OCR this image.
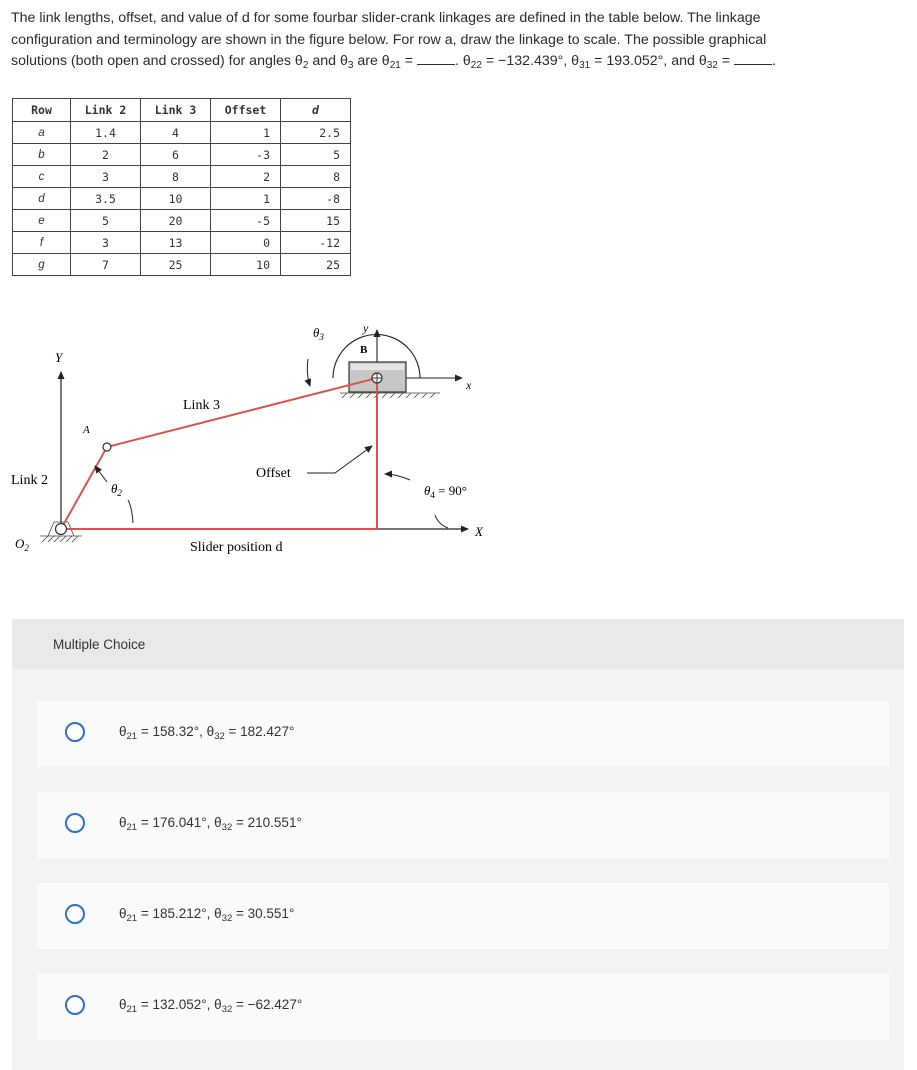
The link lengths, offset, and value of d for some fourbar slider-crank linkages are defined in the table below. The linkage
configuration and terminology are shown in the figure below. For row a, draw the linkage to scale. The possible graphical
solutions (both open and crossed) for angles $\theta_2$ and $\theta_3$ are $\theta_{21}$ =	. $\theta_{22} = -132.439^\circ$, $\theta_{31} = 193.052^\circ$, and $\theta_{32}$ =	.
Row	Link 2	Link 3	Offset	d
a	1.4	4	1	2.5
b	2	6	-3	5
c	3	8	2	8
d	3.5	10	1	-8
e	5	20	-5	15
f	3	13	0	-12
g	7	25	10	25
Y
X
y
x
Link 3
Link 2	Offset
Slider position d
A
B
$O_2$
$\theta_2$
$\theta_3$
$\theta_4 = 90^\circ$
Multiple Choice
$\theta_{21} = 158.32^\circ$, $\theta_{32} = 182.427^\circ$
$\theta_{21} = 176.041^\circ$, $\theta_{32} = 210.551^\circ$
$\theta_{21} = 185.212^\circ$, $\theta_{32} = 30.551^\circ$
$\theta_{21} = 132.052^\circ$, $\theta_{32} = -62.427^\circ$
